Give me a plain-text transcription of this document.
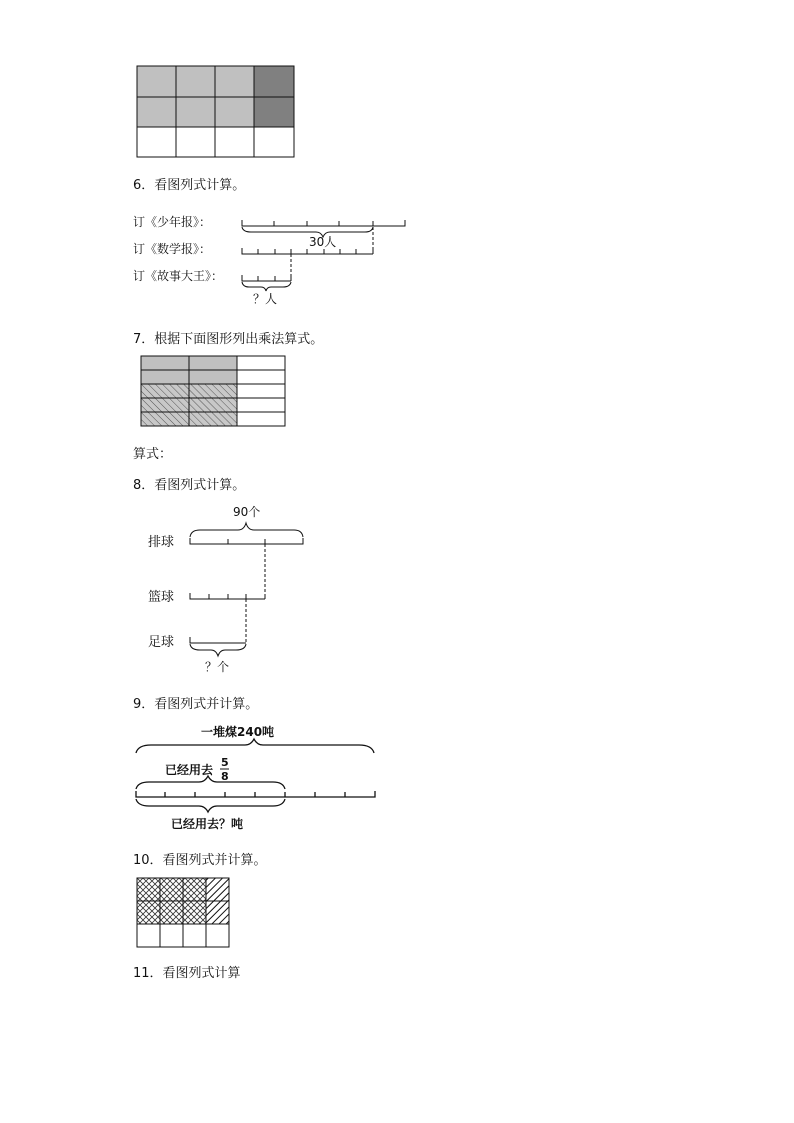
6．看图列式计算。
订《少年报》：
订《数学报》：
订《故事大王》：
30人
？人
7．根据下面图形列出乘法算式。
算式：
8．看图列式计算。
90个
排球
篮球
足球
？个
9．看图列式并计算。
一堆煤240吨
已经用去
5
8
已经用去？吨
10．看图列式并计算。
11．看图列式计算
